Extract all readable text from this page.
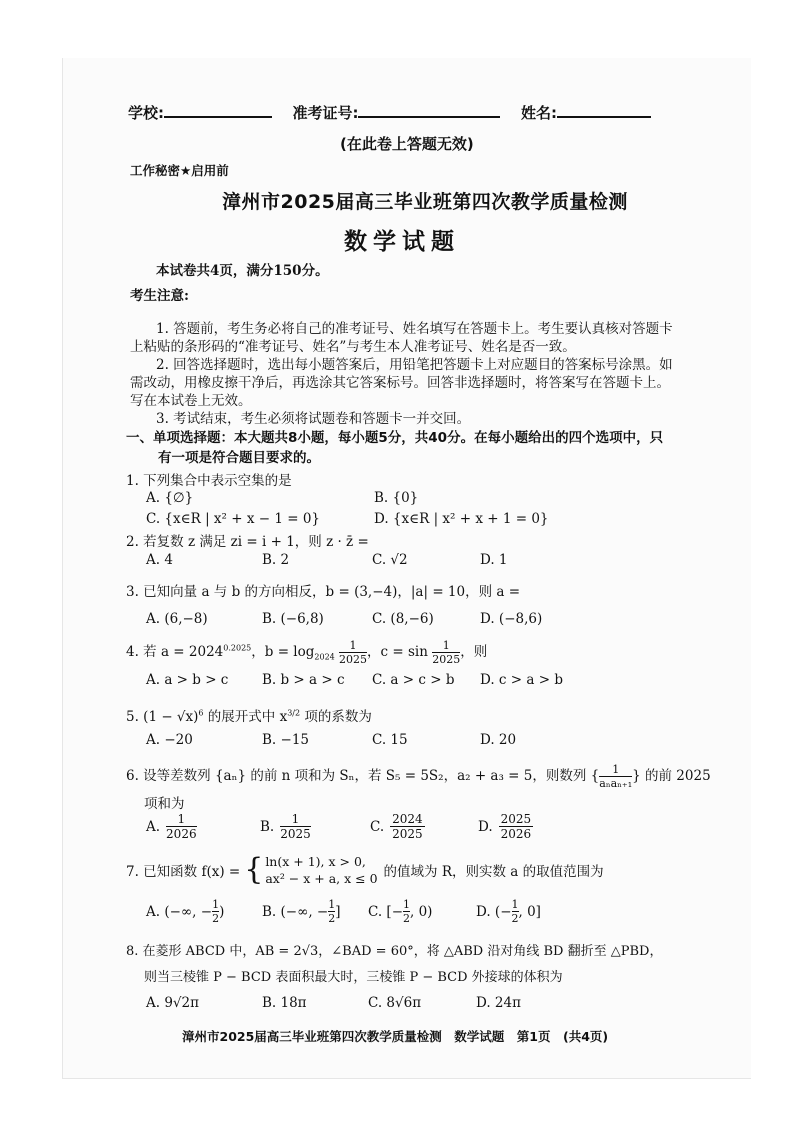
学校:	准考证号:	姓名:
(在此卷上答题无效)
工作秘密★启用前
漳州市2025届高三毕业班第四次教学质量检测
数学试题
本试卷共4页，满分150分。
考生注意:
1. 答题前，考生务必将自己的准考证号、姓名填写在答题卡上。考生要认真核对答题卡
上粘贴的条形码的“准考证号、姓名”与考生本人准考证号、姓名是否一致。
2. 回答选择题时，选出每小题答案后，用铅笔把答题卡上对应题目的答案标号涂黑。如
需改动，用橡皮擦干净后，再选涂其它答案标号。回答非选择题时，将答案写在答题卡上。
写在本试卷上无效。
3. 考试结束，考生必须将试题卷和答题卡一并交回。
一、单项选择题：本大题共8小题，每小题5分，共40分。在每小题给出的四个选项中，只
有一项是符合题目要求的。
1. 下列集合中表示空集的是
A. {∅}	B. {0}
C. {x∈R | x² + x − 1 = 0}	D. {x∈R | x² + x + 1 = 0}
2. 若复数 z 满足 zi = i + 1，则 z · z̄ =
A. 4	B. 2	C. √2	D. 1
3. 已知向量 a 与 b 的方向相反，b = (3,−4)，|a| = 10，则 a =
A. (6,−8)	B. (−6,8)	C. (8,−6)	D. (−8,6)
4. 若 $a = 2024^{0.2025}$，$b = \log_{2024} \frac{1}{2025}$ ，$c = \sin \frac{1}{2025}$ ，则
A. a > b > c B. b > a > c C. a > c > b D. c > a > b
5. $(1 - √x)^6$ 的展开式中 $x^{3/2}$ 项的系数为
A. −20	B. −15	C. 15	D. 20
6. 设等差数列 {aₙ} 的前 n 项和为 Sₙ，若 S₅ = 5S₂，a₂ + a₃ = 5，则数列 {	1
aₙaₙ₊₁ } 的前 2025
项和为
A. $\frac{1}{2026}$	B. $\frac{1}{2025}$	C. $\frac{2024}{2025}$	D. $\frac{2025}{2026}$
7. 已知函数 f(x) = { ln(x + 1), x > 0,
ax² − x + a, x ≤ 0 的值域为 R，则实数 a 的取值范围为
A. (−∞, − $\frac{1}{2}$ )	B. (−∞, − $\frac{1}{2}$ ] C. [− $\frac{1}{2}$ , 0)	D. (− $\frac{1}{2}$ , 0]
8. 在菱形 ABCD 中，AB = 2√3，∠BAD = 60°，将 △ABD 沿对角线 BD 翻折至 △PBD，
则当三棱锥 P − BCD 表面积最大时，三棱锥 P − BCD 外接球的体积为
A. 9√2π	B. 18π	C. 8√6π	D. 24π
漳州市2025届高三毕业班第四次教学质量检测　数学试题　第1页　(共4页)
